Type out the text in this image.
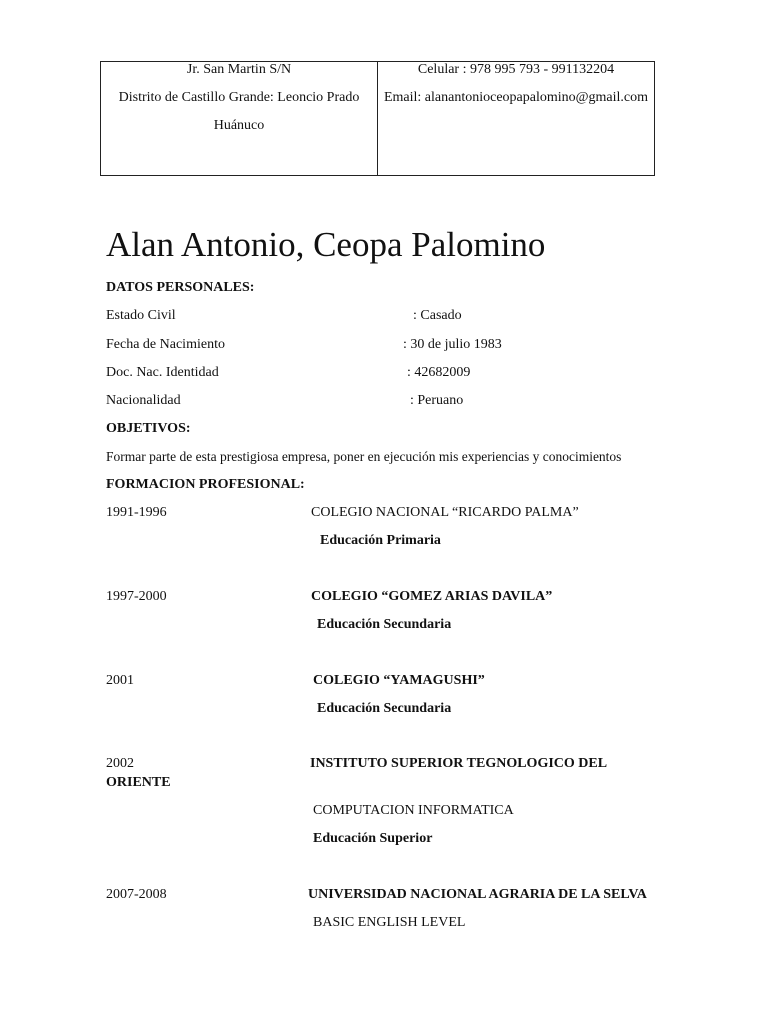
Jr. San Martin S/N
Distrito de Castillo Grande: Leoncio Prado
Huánuco
Celular : 978 995 793 - 991132204
Email: alanantonioceopapalomino@gmail.com
Alan Antonio, Ceopa Palomino
DATOS PERSONALES:
Estado Civil	: Casado
Fecha de Nacimiento	: 30 de julio 1983
Doc. Nac. Identidad	: 42682009
Nacionalidad	: Peruano
OBJETIVOS:
Formar parte de esta prestigiosa empresa, poner en ejecución mis experiencias y conocimientos
FORMACION PROFESIONAL:
1991-1996	COLEGIO NACIONAL “RICARDO PALMA”
Educación Primaria
1997-2000	COLEGIO “GOMEZ ARIAS DAVILA”
Educación Secundaria
2001	COLEGIO “YAMAGUSHI”
Educación Secundaria
2002	INSTITUTO SUPERIOR TEGNOLOGICO DEL
ORIENTE
COMPUTACION INFORMATICA
Educación Superior
2007-2008	UNIVERSIDAD NACIONAL AGRARIA DE LA SELVA
BASIC ENGLISH LEVEL
